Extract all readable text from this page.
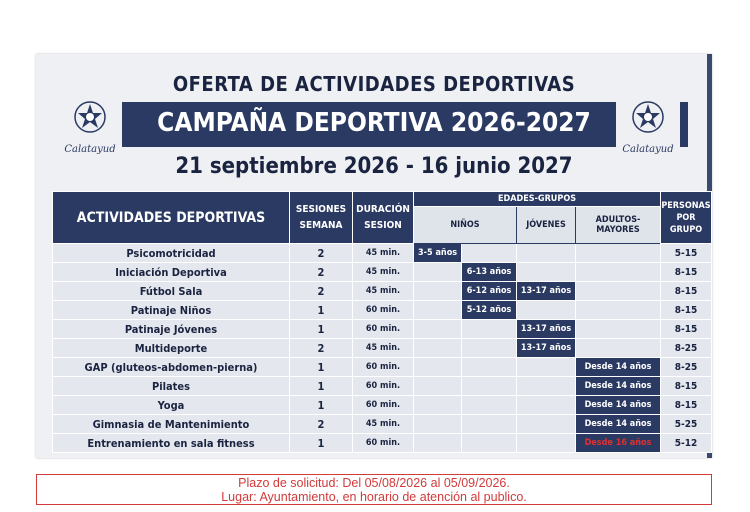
OFERTA DE ACTIVIDADES DEPORTIVAS
CAMPAÑA DEPORTIVA 2026-2027
Calatayud	Calatayud
21 septiembre 2026 - 16 junio 2027
ACTIVIDADES DEPORTIVAS	SESIONES SEMANA	DURACIÓN SESION	EDADES-GRUPOS				PERSONAS POR GRUPO
			NIÑOS		JÓVENES	ADULTOS-MAYORES	
Psicomotricidad	2	45 min.	3-5 años				5-15
Iniciación Deportiva	2	45 min.		6-13 años			8-15
Fútbol Sala	2	45 min.		6-12 años	13-17 años		8-15
Patinaje Niños	1	60 min.		5-12 años			8-15
Patinaje Jóvenes	1	60 min.			13-17 años		8-15
Multideporte	2	45 min.			13-17 años		8-25
GAP (gluteos-abdomen-pierna)	1	60 min.				Desde 14 años	8-25
Pilates	1	60 min.				Desde 14 años	8-15
Yoga	1	60 min.				Desde 14 años	8-15
Gimnasia de Mantenimiento	2	45 min.				Desde 14 años	5-25
Entrenamiento en sala fitness	1	60 min.				Desde 16 años	5-12
Plazo de solicitud: Del 05/08/2026 al 05/09/2026.
Lugar: Ayuntamiento, en horario de atención al publico.
